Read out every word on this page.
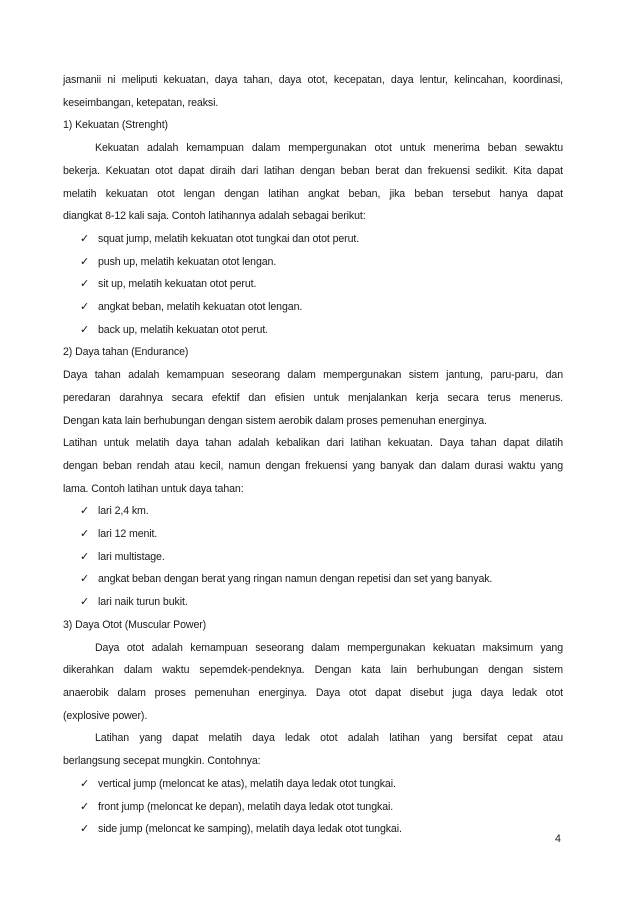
jasmanii ni meliputi kekuatan, daya tahan, daya otot, kecepatan, daya lentur, kelincahan, koordinasi,

keseimbangan, ketepatan, reaksi.

1) Kekuatan (Strenght)

Kekuatan adalah kemampuan dalam mempergunakan otot untuk menerima beban sewaktu

bekerja. Kekuatan otot dapat diraih dari latihan dengan beban berat dan frekuensi sedikit. Kita dapat

melatih kekuatan otot lengan dengan latihan angkat beban, jika beban tersebut hanya dapat

diangkat 8-12 kali saja. Contoh latihannya adalah sebagai berikut:

✓ squat jump, melatih kekuatan otot tungkai dan otot perut.
✓ push up, melatih kekuatan otot lengan.
✓ sit up, melatih kekuatan otot perut.
✓ angkat beban, melatih kekuatan otot lengan.
✓ back up, melatih kekuatan otot perut.

2) Daya tahan (Endurance)

Daya tahan adalah kemampuan seseorang dalam mempergunakan sistem jantung, paru-paru, dan

peredaran darahnya secara efektif dan efisien untuk menjalankan kerja secara terus menerus.

Dengan kata lain berhubungan dengan sistem aerobik dalam proses pemenuhan energinya.

Latihan untuk melatih daya tahan adalah kebalikan dari latihan kekuatan. Daya tahan dapat dilatih

dengan beban rendah atau kecil, namun dengan frekuensi yang banyak dan dalam durasi waktu yang

lama. Contoh latihan untuk daya tahan:

✓ lari 2,4 km.
✓ lari 12 menit.
✓ lari multistage.
✓ angkat beban dengan berat yang ringan namun dengan repetisi dan set yang banyak.
✓ lari naik turun bukit.

3) Daya Otot (Muscular Power)

Daya otot adalah kemampuan seseorang dalam mempergunakan kekuatan maksimum yang

dikerahkan dalam waktu sepemdek-pendeknya. Dengan kata lain berhubungan dengan sistem

anaerobik dalam proses pemenuhan energinya. Daya otot dapat disebut juga daya ledak otot

(explosive power).

Latihan yang dapat melatih daya ledak otot adalah latihan yang bersifat cepat atau

berlangsung secepat mungkin. Contohnya:

✓ vertical jump (meloncat ke atas), melatih daya ledak otot tungkai.
✓ front jump (meloncat ke depan), melatih daya ledak otot tungkai.
✓ side jump (meloncat ke samping), melatih daya ledak otot tungkai.
4
